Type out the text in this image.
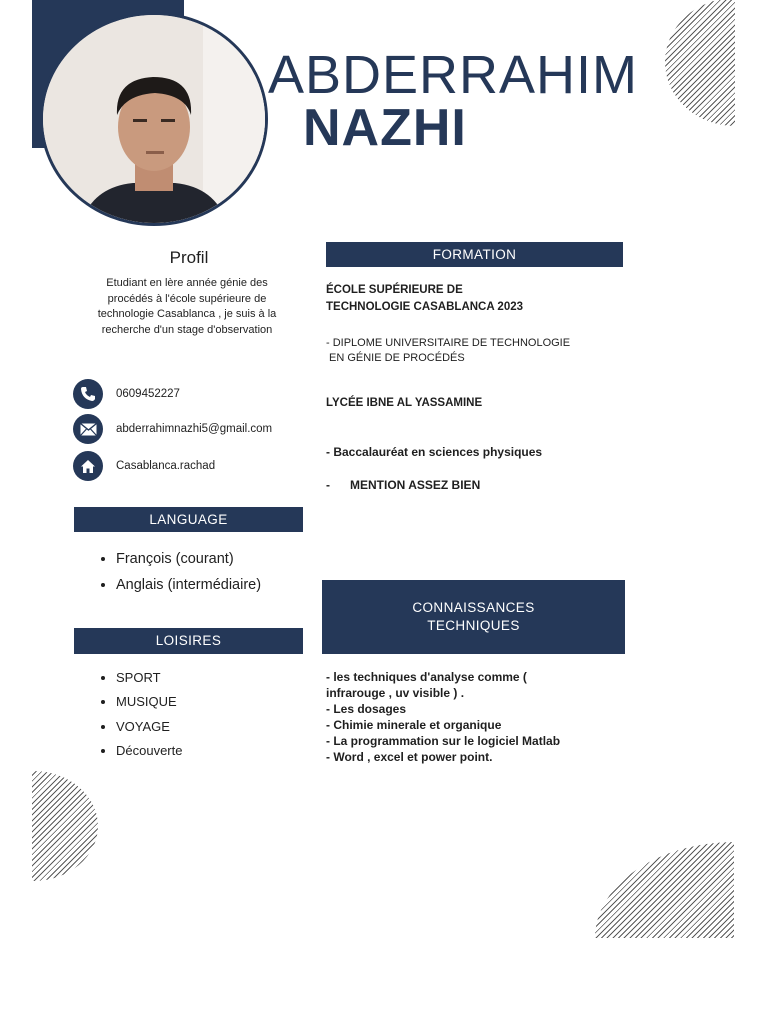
ABDERRAHIM
NAZHI
Profil
Etudiant en lère année génie des procédés à l'école supérieure de technologie Casablanca , je suis à la recherche d'un stage d'observation
0609452227
abderrahimnazhi5@gmail.com
Casablanca.rachad
LANGUAGE
• François (courant)
• Anglais (intermédiaire)
LOISIRES
• SPORT
• MUSIQUE
• VOYAGE
• Découverte
FORMATION
ÉCOLE SUPÉRIEURE DE
TECHNOLOGIE CASABLANCA 2023
- DIPLOME UNIVERSITAIRE DE TECHNOLOGIE
EN GÉNIE DE PROCÉDÉS
LYCÉE IBNE AL YASSAMINE
- Baccalauréat en sciences physiques
-      MENTION ASSEZ BIEN
CONNAISSANCES
TECHNIQUES
- les techniques d'analyse comme (
infrarouge , uv visible ) .
- Les dosages
- Chimie minerale et organique
- La programmation sur le logiciel Matlab
- Word , excel et power point.
